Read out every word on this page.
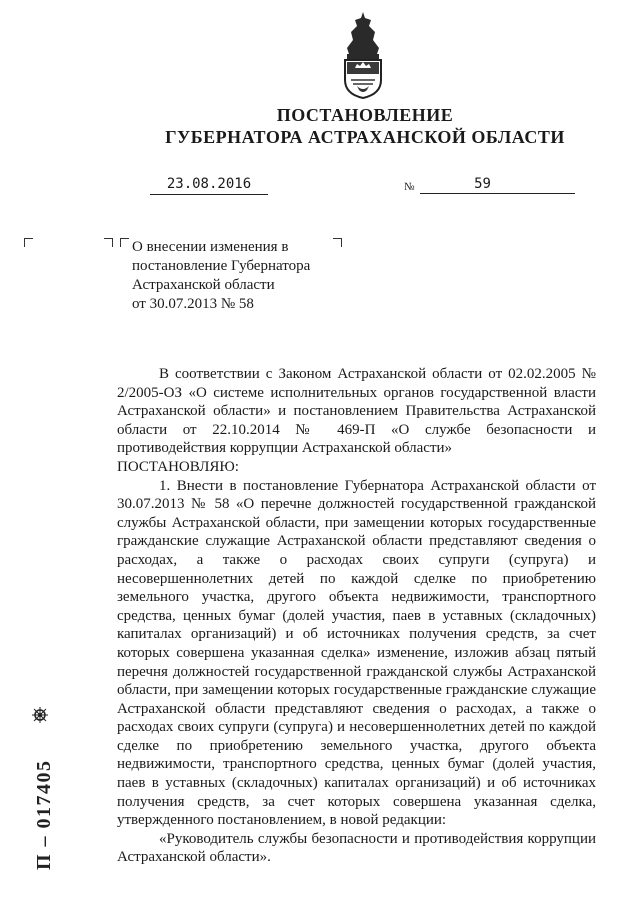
ПОСТАНОВЛЕНИЕ
ГУБЕРНАТОРА АСТРАХАНСКОЙ ОБЛАСТИ
23.08.2016	№	59
О внесении изменения в
постановление Губернатора
Астраханской области
от 30.07.2013 № 58

В соответствии с Законом Астраханской области от 02.02.2005 № 2/2005-ОЗ «О системе исполнительных органов государственной власти Астраханской области» и постановлением Правительства Астраханской области от 22.10.2014 № 469-П «О службе безопасности и противодействия коррупции Астраханской области»

ПОСТАНОВЛЯЮ:

1. Внести в постановление Губернатора Астраханской области от 30.07.2013 № 58 «О перечне должностей государственной гражданской службы Астраханской области, при замещении которых государственные гражданские служащие Астраханской области представляют сведения о расходах, а также о расходах своих супруги (супруга) и несовершеннолетних детей по каждой сделке по приобретению земельного участка, другого объекта недвижимости, транспортного средства, ценных бумаг (долей участия, паев в уставных (складочных) капиталах организаций) и об источниках получения средств, за счет которых совершена указанная сделка» изменение, изложив абзац пятый перечня должностей государственной гражданской службы Астраханской области, при замещении которых государственные гражданские служащие Астраханской области представляют сведения о расходах, а также о расходах своих супруги (супруга) и несовершеннолетних детей по каждой сделке по приобретению земельного участка, другого объекта недвижимости, транспортного средства, ценных бумаг (долей участия, паев в уставных (складочных) капиталах организаций) и об источниках получения средств, за счет которых совершена указанная сделка, утвержденного постановлением, в новой редакции:

«Руководитель службы безопасности и противодействия коррупции Астраханской области».

П – 017405
